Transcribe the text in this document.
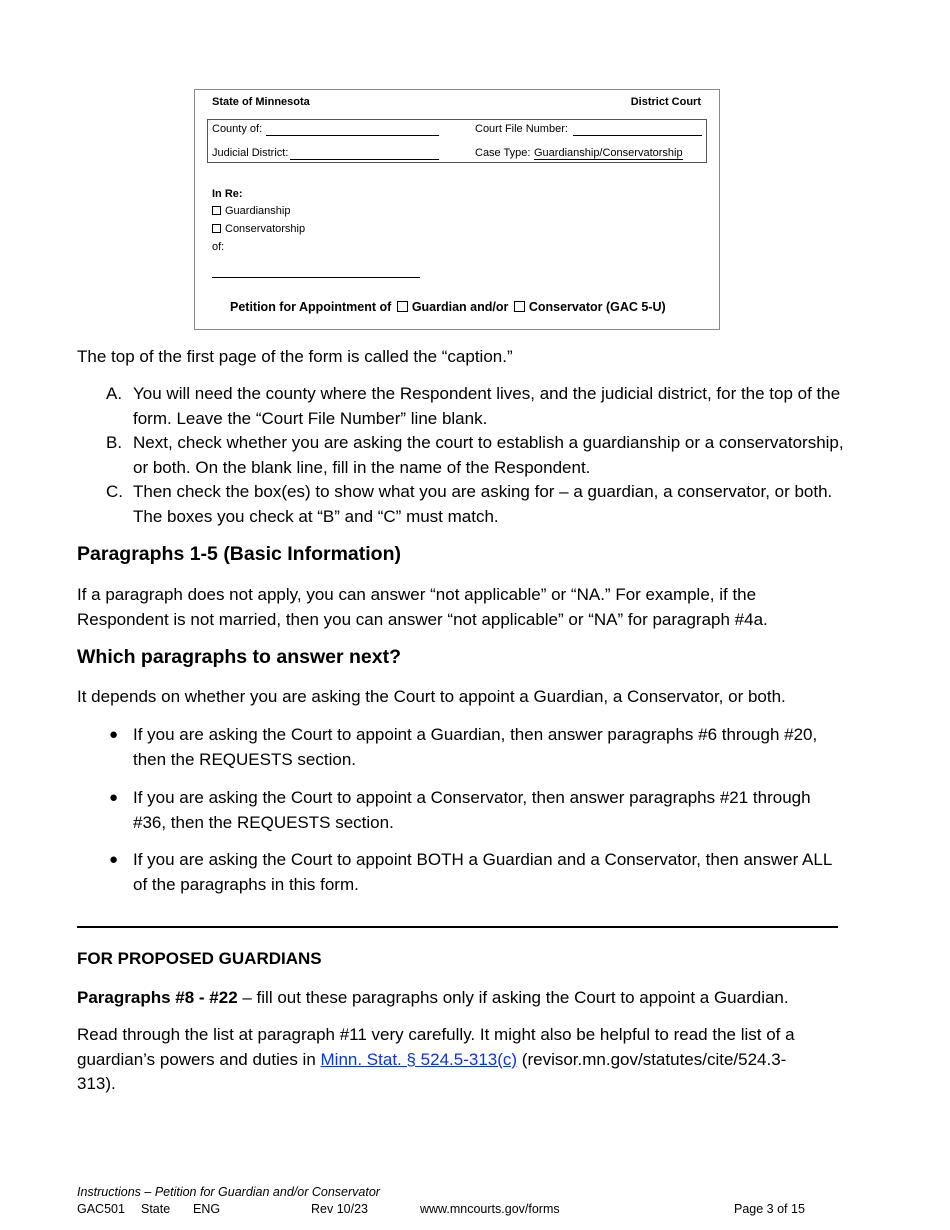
State of Minnesota	District Court
County of:	Court File Number:
Judicial District:	Case Type: Guardianship/Conservatorship
In Re:
Guardianship
Conservatorship
of:
Petition for Appointment of Guardian and/or Conservator (GAC 5-U)
The top of the first page of the form is called the “caption.”
A. You will need the county where the Respondent lives, and the judicial district, for the top of the form. Leave the “Court File Number” line blank.
B. Next, check whether you are asking the court to establish a guardianship or a conservatorship, or both. On the blank line, fill in the name of the Respondent.
C. Then check the box(es) to show what you are asking for – a guardian, a conservator, or both. The boxes you check at “B” and “C” must match.
Paragraphs 1-5 (Basic Information)
If a paragraph does not apply, you can answer “not applicable” or “NA.” For example, if the Respondent is not married, then you can answer “not applicable” or “NA” for paragraph #4a.
Which paragraphs to answer next?
It depends on whether you are asking the Court to appoint a Guardian, a Conservator, or both.
● If you are asking the Court to appoint a Guardian, then answer paragraphs #6 through #20, then the REQUESTS section.
● If you are asking the Court to appoint a Conservator, then answer paragraphs #21 through #36, then the REQUESTS section.
● If you are asking the Court to appoint BOTH a Guardian and a Conservator, then answer ALL of the paragraphs in this form.
FOR PROPOSED GUARDIANS
Paragraphs #8 - #22 – fill out these paragraphs only if asking the Court to appoint a Guardian.
Read through the list at paragraph #11 very carefully. It might also be helpful to read the list of a guardian’s powers and duties in Minn. Stat. § 524.5-313(c) (revisor.mn.gov/statutes/cite/524.3-313).
Instructions – Petition for Guardian and/or Conservator
GAC501 State ENG	Rev 10/23	www.mncourts.gov/forms	Page 3 of 15
